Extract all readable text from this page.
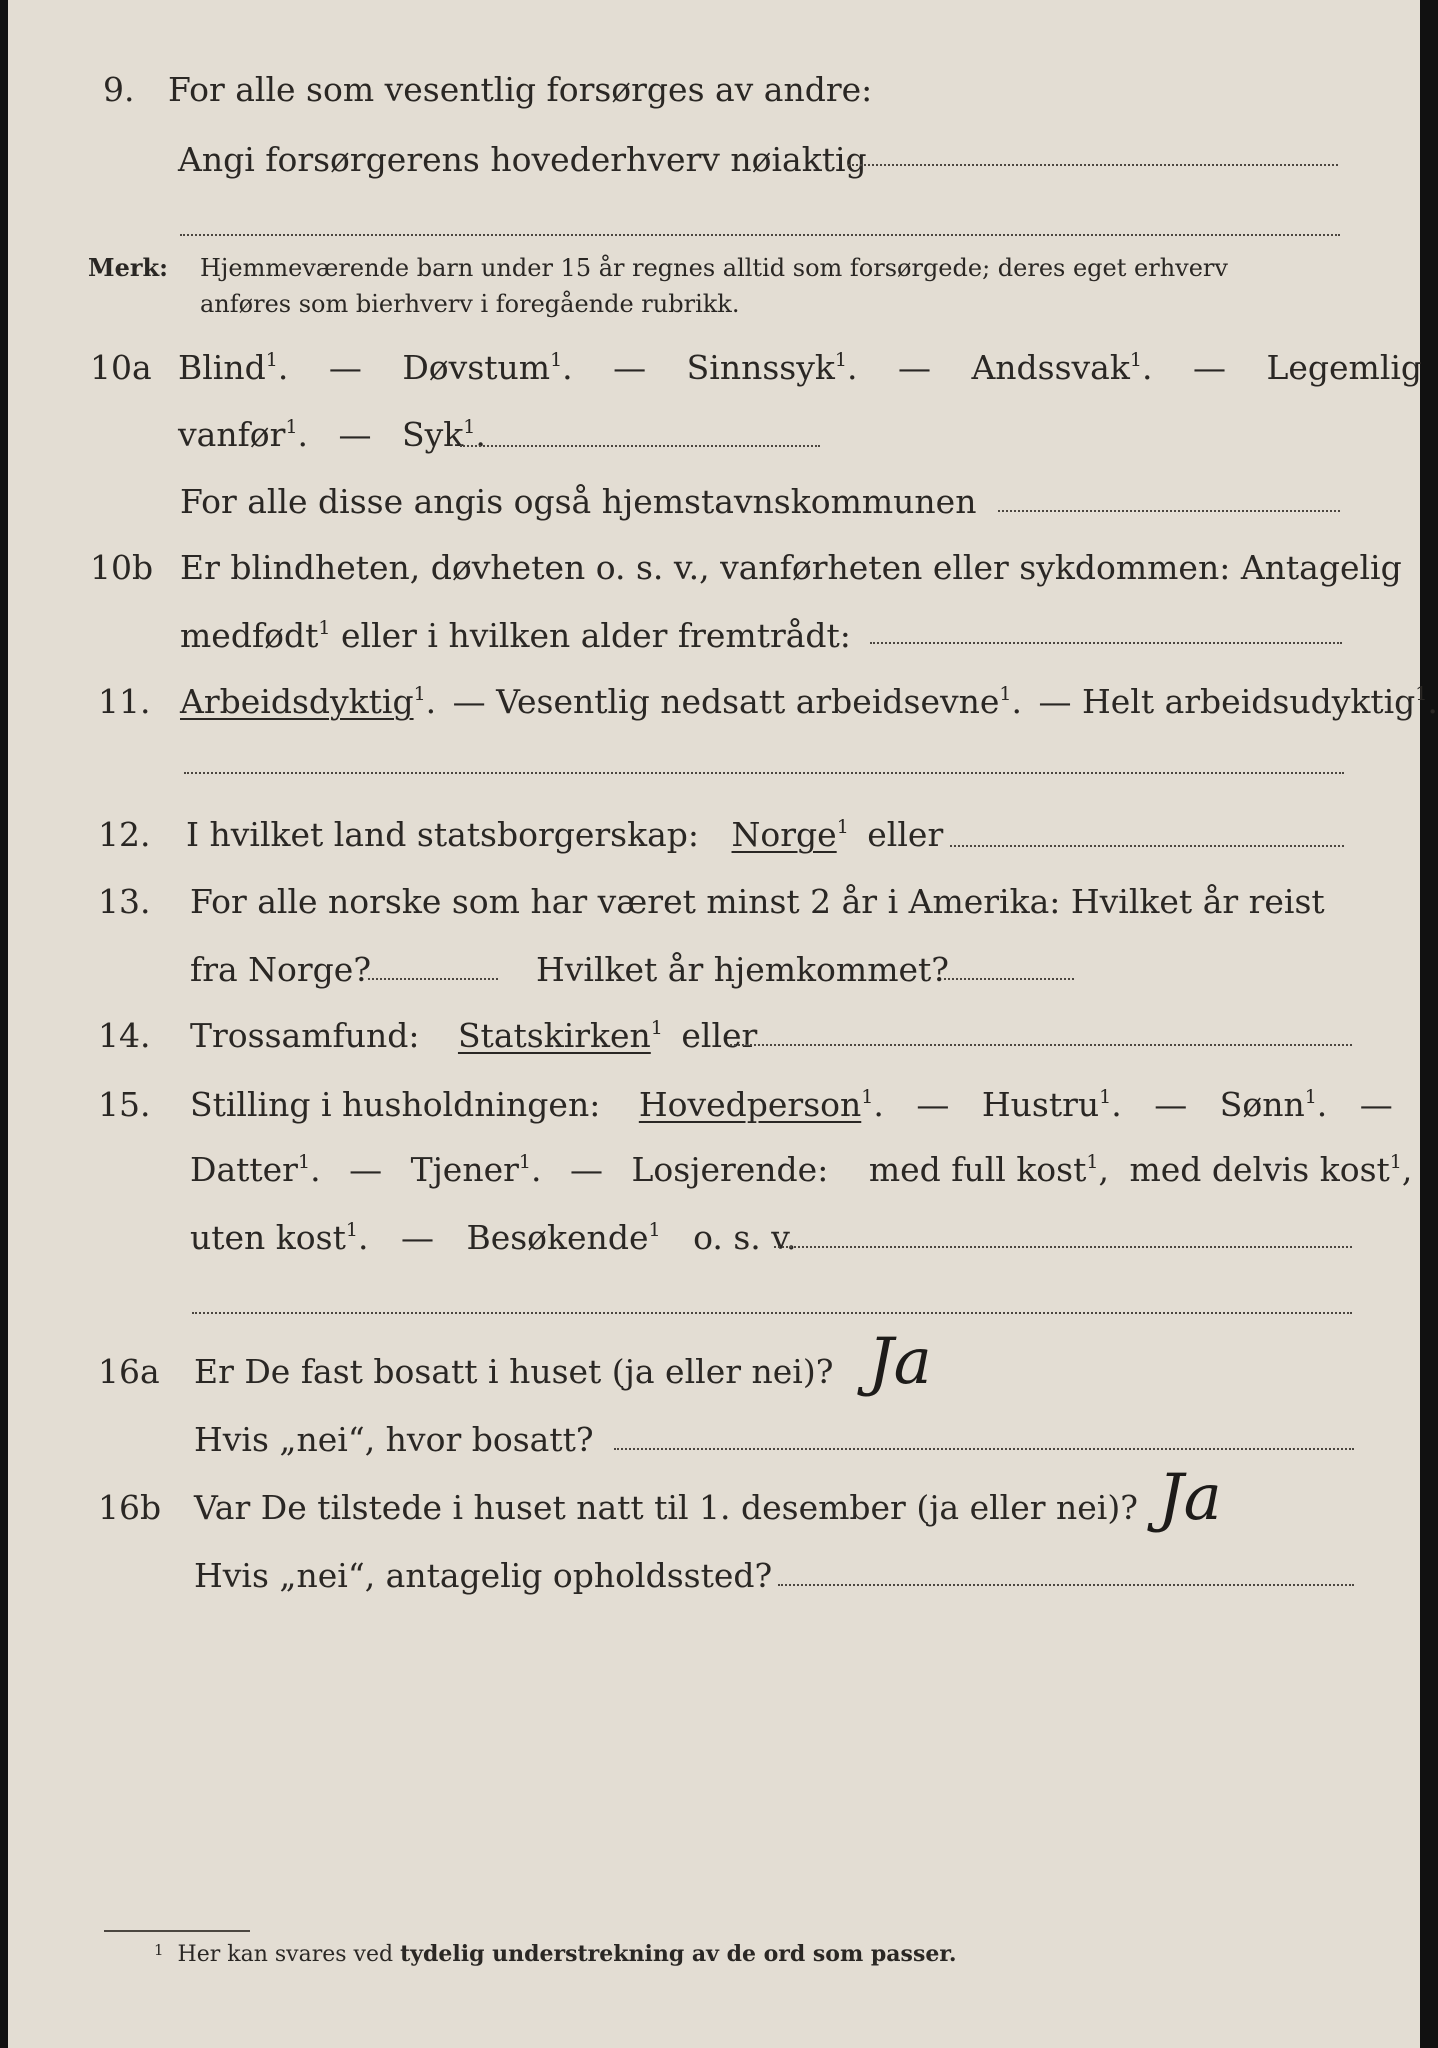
9. For alle som vesentlig forsørges av andre:
Angi forsørgerens hovederhverv nøiaktig
Merk: Hjemmeværende barn under 15 år regnes alltid som forsørgede; deres eget erhverv
anføres som bierhverv i foregående rubrikk.
10a Blind$^1$. — Døvstum$^1$. — Sinnssyk$^1$. — Andssvak$^1$. — Legemlig
vanfør$^1$. — Syk$^1$.
For alle disse angis også hjemstavnskommunen
10b Er blindheten, døvheten o. s. v., vanførheten eller sykdommen: Antagelig
medfødt$^1$ eller i hvilken alder fremtrådt:
11. Arbeidsdyktig$^1$. — Vesentlig nedsatt arbeidsevne$^1$. — Helt arbeidsudyktig$^1$.
12. I hvilket land statsborgerskap: Norge$^1$ eller
13. For alle norske som har været minst 2 år i Amerika: Hvilket år reist
fra Norge?	Hvilket år hjemkommet?
14. Trossamfund: Statskirken$^1$ eller
15. Stilling i husholdningen: Hovedperson$^1$. — Hustru$^1$. — Sønn$^1$. —
Datter$^1$. — Tjener$^1$. — Losjerende: med full kost$^1$, med delvis kost$^1$,
uten kost$^1$. — Besøkende$^1$ o. s. v.
16a Er De fast bosatt i huset (ja eller nei)? Ja
Hvis „nei“, hvor bosatt?
16b Var De tilstede i huset natt til 1. desember (ja eller nei)? Ja
Hvis „nei“, antagelig opholdssted?
$^1$ Her kan svares ved tydelig understrekning av de ord som passer.
